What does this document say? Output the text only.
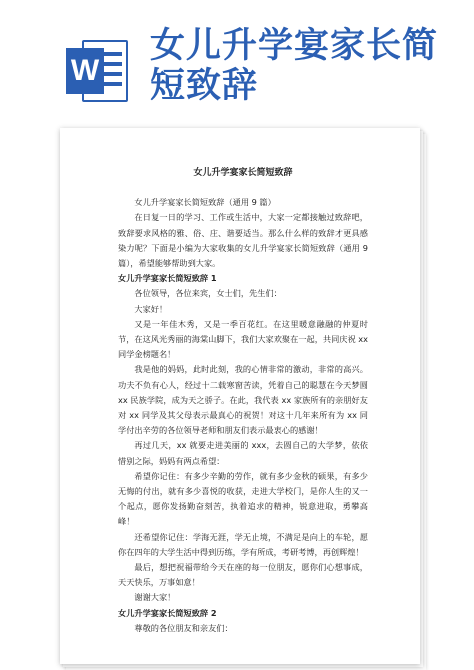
W
女儿升学宴家长简短致辞
女儿升学宴家长简短致辞

女儿升学宴家长简短致辞（通用 9 篇）

在日复一日的学习、工作或生活中，大家一定都接触过致辞吧，致辞要求风格的雅、俗、庄、谐要适当。那么什么样的致辞才更具感染力呢？下面是小编为大家收集的女儿升学宴家长简短致辞（通用 9 篇），希望能够帮助到大家。

女儿升学宴家长简短致辞 1

各位领导，各位来宾，女士们，先生们：

大家好！

又是一年佳木秀，又是一季百花红。在这里暖意融融的仲夏时节，在这风光秀丽的海棠山脚下，我们大家欢聚在一起，共同庆祝 xx 同学金榜题名！

我是他的妈妈，此时此刻，我的心情非常的激动，非常的高兴。功夫不负有心人，经过十二载寒窗苦读，凭着自己的聪慧在今天梦圆 xx 民族学院，成为天之骄子。在此，我代表 xx 家族所有的亲朋好友对 xx 同学及其父母表示最真心的祝贺！对这十几年来所有为 xx 同学付出辛劳的各位领导老师和朋友们表示最衷心的感谢！

再过几天，xx 就要走进美丽的 xxx，去圆自己的大学梦，依依惜别之际，妈妈有两点希望：

希望你记住：有多少辛勤的劳作，就有多少金秋的硕果，有多少无悔的付出，就有多少喜悦的收获，走进大学校门，是你人生的又一个起点，愿你发扬勤奋刻苦，执着追求的精神，锐意进取，勇攀高峰！

还希望你记住：学海无涯，学无止境，不满足是向上的车轮，愿你在四年的大学生活中得到历练，学有所成，考研考博，再创辉煌！

最后，想把祝福带给今天在座的每一位朋友，愿你们心想事成，天天快乐，万事如意！

谢谢大家！

女儿升学宴家长简短致辞 2

尊敬的各位朋友和亲友们：
